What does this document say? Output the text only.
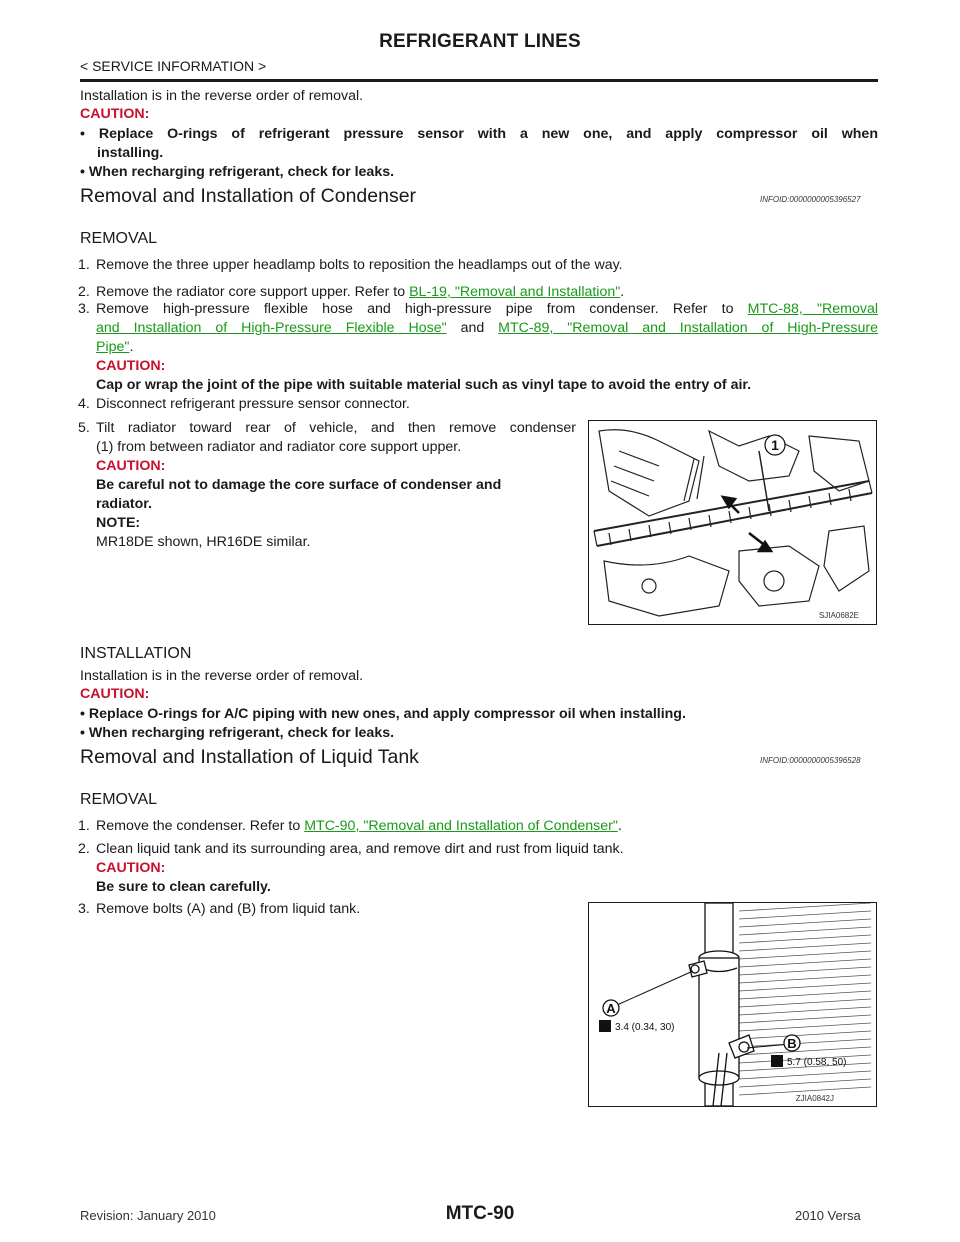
REFRIGERANT LINES
< SERVICE INFORMATION >
Installation is in the reverse order of removal.
CAUTION:
• Replace O-rings of refrigerant pressure sensor with a new one, and apply compressor oil when
installing.
• When recharging refrigerant, check for leaks.
Removal and Installation of Condenser	INFOID:0000000005396527
REMOVAL
1. Remove the three upper headlamp bolts to reposition the headlamps out of the way.
2. Remove the radiator core support upper. Refer to BL-19, "Removal and Installation".
3. Remove high-pressure flexible hose and high-pressure pipe from condenser. Refer to MTC-88, "Removal
and Installation of High-Pressure Flexible Hose" and MTC-89, "Removal and Installation of High-Pressure
Pipe".
CAUTION:
Cap or wrap the joint of the pipe with suitable material such as vinyl tape to avoid the entry of air.
4. Disconnect refrigerant pressure sensor connector.
5. Tilt radiator toward rear of vehicle, and then remove condenser
(1) from between radiator and radiator core support upper.
CAUTION:
Be careful not to damage the core surface of condenser and
radiator.
NOTE:
MR18DE shown, HR16DE similar.
1
SJIA0682E
INSTALLATION
Installation is in the reverse order of removal.
CAUTION:
• Replace O-rings for A/C piping with new ones, and apply compressor oil when installing.
• When recharging refrigerant, check for leaks.
Removal and Installation of Liquid Tank	INFOID:0000000005396528
REMOVAL
1. Remove the condenser. Refer to MTC-90, "Removal and Installation of Condenser".
2. Clean liquid tank and its surrounding area, and remove dirt and rust from liquid tank.
CAUTION:
Be sure to clean carefully.
3. Remove bolts (A) and (B) from liquid tank.
A
3.4 (0.34, 30)
B
5.7 (0.58, 50)
ZJIA0842J
Revision: January 2010	MTC-90	2010 Versa
